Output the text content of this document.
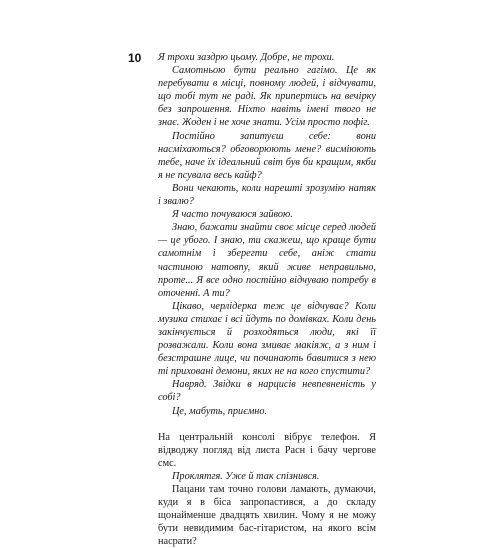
10 Я трохи заздрю цьому. Добре, не трохи.

Самотньою бути реально гагімо. Це як перебувати в місці, повному людей, і відчувати, що тобі тут не раді. Як припертись на вечірку без запрошення. Ніхто навіть імені твого не знає. Жоден і не хоче знати. Усім просто пофіг.

Постійно запитуєш себе: вони насміхаються? обговорюють мене? висміюють тебе, наче їх ідеальний світ був би кращим, якби я не псувала весь кайф?

Вони чекають, коли нарешті зрозумію натяк і звалю?

Я часто почуваюся зайвою.

Знаю, бажати знайти своє місце серед людей — це убого. І знаю, ти скажеш, що краще бути самотнім і зберегти себе, аніж стати частиною натовпу, який живе неправильно, проте... Я все одно постійно відчуваю потребу в оточенні. А ти?

Цікаво, черлідерка теж це відчуває? Коли музика стихає і всі йдуть по домівках. Коли день закінчується й розходяться люди, які її розважали. Коли вона змиває макіяж, а з ним і безстрашне лице, чи починають бавитися з нею ті приховані демони, яких не на кого спустити?

Навряд. Звідки в нарцисів невпевненість у собі?

Це, мабуть, приємно.

На центральній консолі вібрує телефон. Я відводжу погляд від листа Расн і бачу чергове смс.

Проклятгя. Уже й так спізнився.

Пацани там точно голови ламають, думаючи, куди я в біса запропастився, а до складу щонайменше двадцять хвилин. Чому я не можу бути невидимим бас-гітаристом, на якого всім насрати?
